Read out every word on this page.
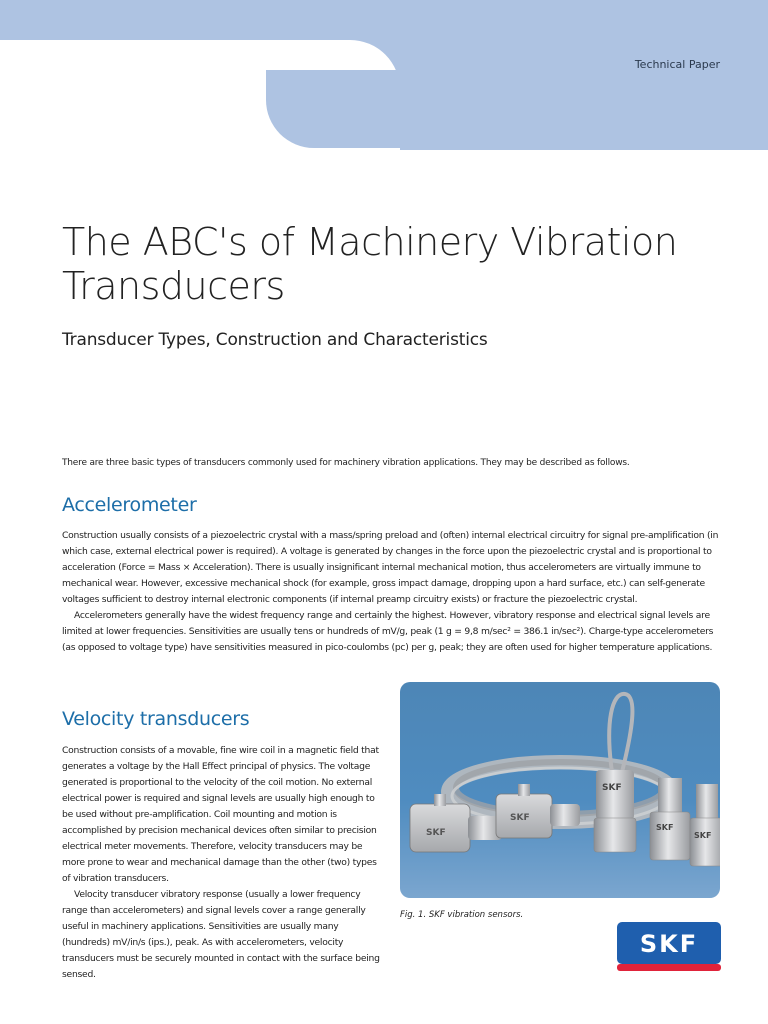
Technical Paper
The ABC's of Machinery Vibration Transducers
Transducer Types, Construction and Characteristics
There are three basic types of transducers commonly used for machinery vibration applications. They may be described as follows.
Accelerometer

Construction usually consists of a piezoelectric crystal with a mass/spring preload and (often) internal electrical circuitry for signal pre-amplification (in which case, external electrical power is required). A voltage is generated by changes in the force upon the piezoelectric crystal and is proportional to acceleration (Force = Mass × Acceleration). There is usually insignificant internal mechanical motion, thus accelerometers are virtually immune to mechanical wear. However, excessive mechanical shock (for example, gross impact damage, dropping upon a hard surface, etc.) can self-generate voltages sufficient to destroy internal electronic components (if internal preamp circuitry exists) or fracture the piezoelectric crystal.

Accelerometers generally have the widest frequency range and certainly the highest. However, vibratory response and electrical signal levels are limited at lower frequencies. Sensitivities are usually tens or hundreds of mV/g, peak (1 g = 9,8 m/sec² = 386.1 in/sec²). Charge-type accelerometers (as opposed to voltage type) have sensitivities measured in pico-coulombs (pc) per g, peak; they are often used for higher temperature applications.

Velocity transducers

Construction consists of a movable, fine wire coil in a magnetic field that generates a voltage by the Hall Effect principal of physics. The voltage generated is proportional to the velocity of the coil motion. No external electrical power is required and signal levels are usually high enough to be used without pre-amplification. Coil mounting and motion is accomplished by precision mechanical devices often similar to precision electrical meter movements. Therefore, velocity transducers may be more prone to wear and mechanical damage than the other (two) types of vibration transducers.

Velocity transducer vibratory response (usually a lower frequency range than accelerometers) and signal levels cover a range generally useful in machinery applications. Sensitivities are usually many (hundreds) mV/in/s (ips.), peak. As with accelerometers, velocity transducers must be securely mounted in contact with the surface being sensed.

SKF
SKF
SKF
SKF
SKF
Fig. 1. SKF vibration sensors.
SKF
